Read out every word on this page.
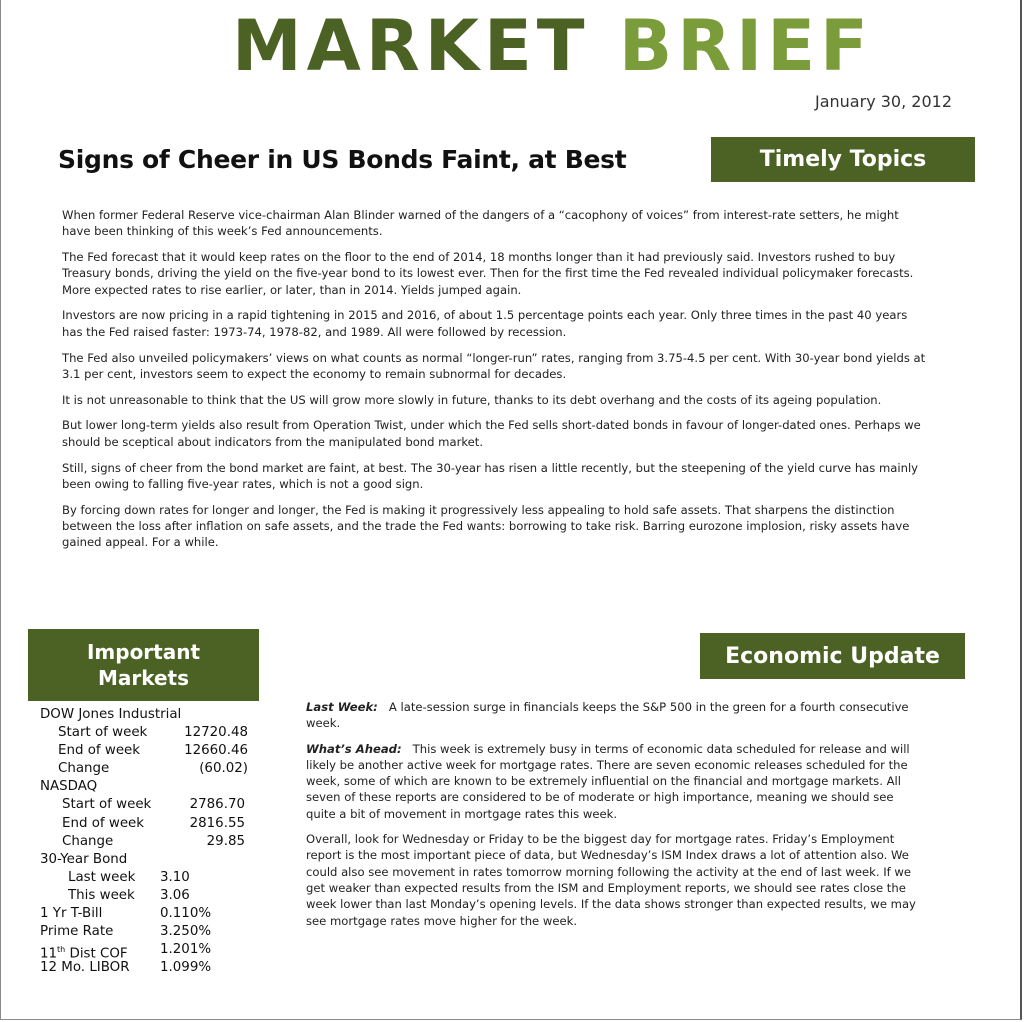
MARKET BRIEF
January 30, 2012
Signs of Cheer in US Bonds Faint, at Best	Timely Topics

When former Federal Reserve vice-chairman Alan Blinder warned of the dangers of a “cacophony of voices” from interest-rate setters, he might have been thinking of this week’s Fed announcements.

The Fed forecast that it would keep rates on the floor to the end of 2014, 18 months longer than it had previously said. Investors rushed to buy Treasury bonds, driving the yield on the five-year bond to its lowest ever. Then for the first time the Fed revealed individual policymaker forecasts. More expected rates to rise earlier, or later, than in 2014. Yields jumped again.

Investors are now pricing in a rapid tightening in 2015 and 2016, of about 1.5 percentage points each year. Only three times in the past 40 years has the Fed raised faster: 1973-74, 1978-82, and 1989. All were followed by recession.

The Fed also unveiled policymakers’ views on what counts as normal “longer-run” rates, ranging from 3.75-4.5 per cent. With 30-year bond yields at 3.1 per cent, investors seem to expect the economy to remain subnormal for decades.

It is not unreasonable to think that the US will grow more slowly in future, thanks to its debt overhang and the costs of its ageing population.

But lower long-term yields also result from Operation Twist, under which the Fed sells short-dated bonds in favour of longer-dated ones. Perhaps we should be sceptical about indicators from the manipulated bond market.

Still, signs of cheer from the bond market are faint, at best. The 30-year has risen a little recently, but the steepening of the yield curve has mainly been owing to falling five-year rates, which is not a good sign.

By forcing down rates for longer and longer, the Fed is making it progressively less appealing to hold safe assets. That sharpens the distinction between the loss after inflation on safe assets, and the trade the Fed wants: borrowing to take risk. Barring eurozone implosion, risky assets have gained appeal. For a while.

Important
Markets
DOW Jones Industrial
Start of week	12720.48
End of week	12660.46
Change	(60.02)
NASDAQ
Start of week	2786.70
End of week	2816.55
Change	29.85
30-Year Bond
Last week 3.10
This week 3.06
1 Yr T-Bill	0.110%
Prime Rate	3.250%
11th Dist COF 1.201%
12 Mo. LIBOR 1.099%
Economic Update

Last Week: A late-session surge in financials keeps the S&P 500 in the green for a fourth consecutive week.

What’s Ahead: This week is extremely busy in terms of economic data scheduled for release and will likely be another active week for mortgage rates. There are seven economic releases scheduled for the week, some of which are known to be extremely influential on the financial and mortgage markets. All seven of these reports are considered to be of moderate or high importance, meaning we should see quite a bit of movement in mortgage rates this week.

Overall, look for Wednesday or Friday to be the biggest day for mortgage rates. Friday’s Employment report is the most important piece of data, but Wednesday’s ISM Index draws a lot of attention also. We could also see movement in rates tomorrow morning following the activity at the end of last week. If we get weaker than expected results from the ISM and Employment reports, we should see rates close the week lower than last Monday’s opening levels. If the data shows stronger than expected results, we may see mortgage rates move higher for the week.
